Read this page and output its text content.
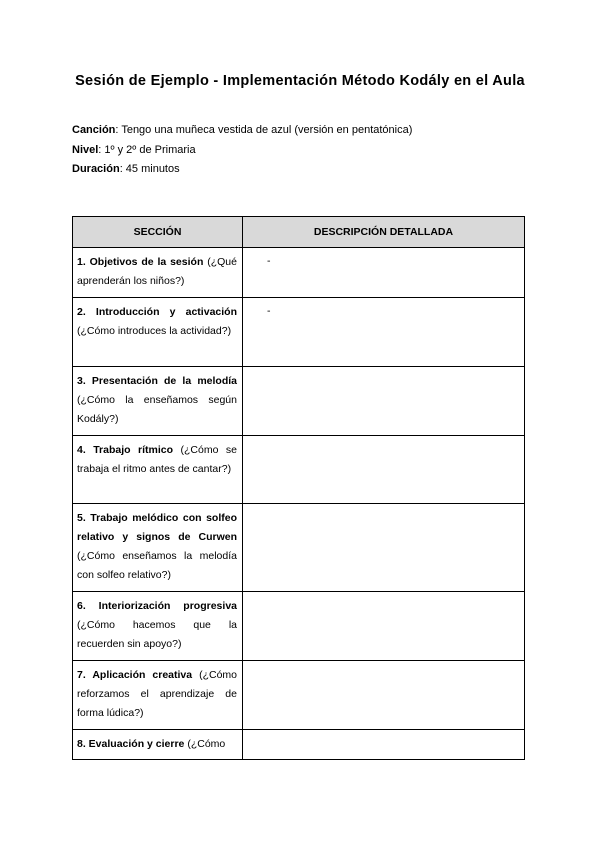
Sesión de Ejemplo - Implementación Método Kodály en el Aula
Canción: Tengo una muñeca vestida de azul (versión en pentatónica)
Nivel: 1º y 2º de Primaria
Duración: 45 minutos
SECCIÓN	DESCRIPCIÓN DETALLADA
1. Objetivos de la sesión (¿Qué aprenderán los niños?)	-
2. Introducción y activación (¿Cómo introduces la actividad?)	-
3. Presentación de la melodía (¿Cómo la enseñamos según Kodály?)	
4. Trabajo rítmico (¿Cómo se trabaja el ritmo antes de cantar?)	
5. Trabajo melódico con solfeo relativo y signos de Curwen (¿Cómo enseñamos la melodía con solfeo relativo?)	
6. Interiorización progresiva (¿Cómo hacemos que la recuerden sin apoyo?)	
7. Aplicación creativa (¿Cómo reforzamos el aprendizaje de forma lúdica?)	
8. Evaluación y cierre (¿Cómo	
